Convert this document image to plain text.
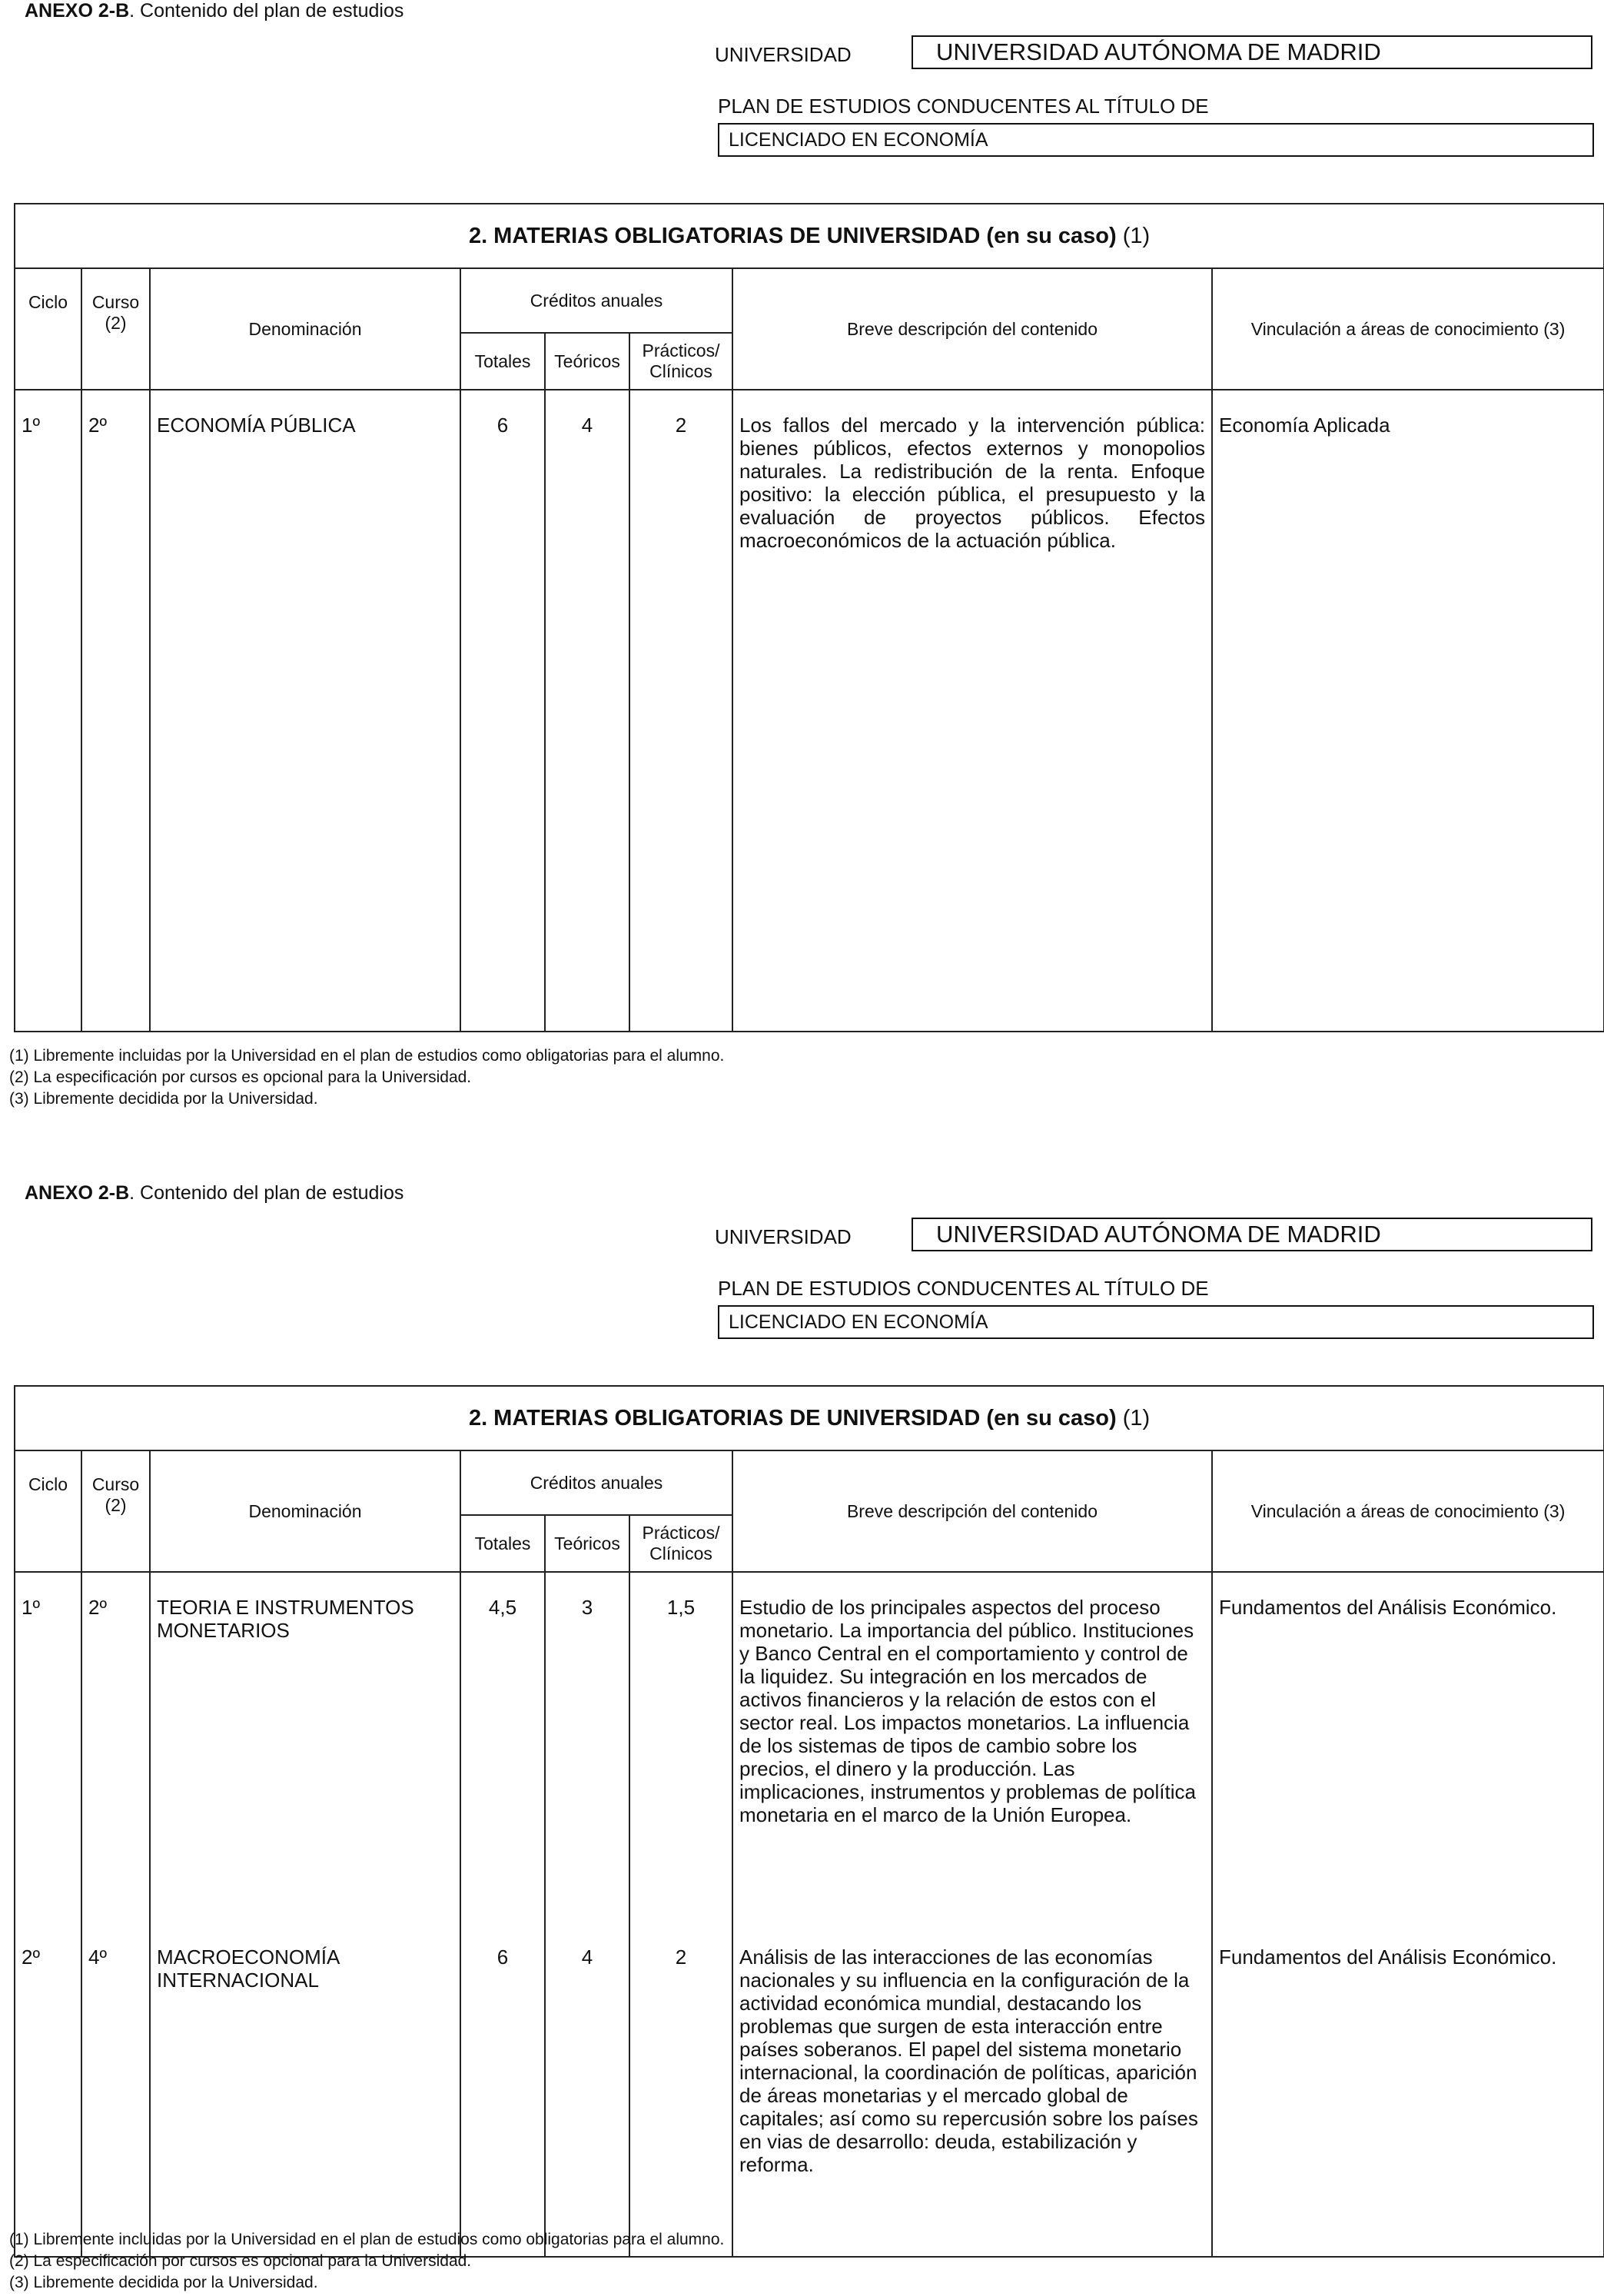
ANEXO 2-B. Contenido del plan de estudios
UNIVERSIDAD	UNIVERSIDAD AUTÓNOMA DE MADRID
PLAN DE ESTUDIOS CONDUCENTES AL TÍTULO DE
LICENCIADO EN ECONOMÍA
2. MATERIAS OBLIGATORIAS DE UNIVERSIDAD (en su caso) (1)							
Ciclo	Curso (2)	Denominación	Créditos anuales			Breve descripción del contenido	Vinculación a áreas de conocimiento (3)
			Totales	Teóricos	Prácticos/ Clínicos		
1º	2º	ECONOMÍA PÚBLICA	6	4	2	Los fallos del mercado y la intervención pública: bienes públicos, efectos externos y monopolios naturales. La redistribución de la renta. Enfoque positivo: la elección pública, el presupuesto y la evaluación de proyectos públicos. Efectos macroeconómicos de la actuación pública.	Economía Aplicada
(1) Libremente incluidas por la Universidad en el plan de estudios como obligatorias para el alumno.
(2) La especificación por cursos es opcional para la Universidad.
(3) Libremente decidida por la Universidad.
ANEXO 2-B. Contenido del plan de estudios
UNIVERSIDAD	UNIVERSIDAD AUTÓNOMA DE MADRID
PLAN DE ESTUDIOS CONDUCENTES AL TÍTULO DE
LICENCIADO EN ECONOMÍA
2. MATERIAS OBLIGATORIAS DE UNIVERSIDAD (en su caso) (1)							
Ciclo	Curso (2)	Denominación	Créditos anuales			Breve descripción del contenido	Vinculación a áreas de conocimiento (3)
			Totales	Teóricos	Prácticos/ Clínicos		
1º	2º	TEORIA E INSTRUMENTOS MONETARIOS	4,5	3	1,5	Estudio de los principales aspectos del proceso monetario. La importancia del público. Instituciones y Banco Central en el comportamiento y control de la liquidez. Su integración en los mercados de activos financieros y la relación de estos con el sector real. Los impactos monetarios. La influencia de los sistemas de tipos de cambio sobre los precios, el dinero y la producción. Las implicaciones, instrumentos y problemas de política monetaria en el marco de la Unión Europea.	Fundamentos del Análisis Económico.
2º	4º	MACROECONOMÍA INTERNACIONAL	6	4	2	Análisis de las interacciones de las economías nacionales y su influencia en la configuración de la actividad económica mundial, destacando los problemas que surgen de esta interacción entre países soberanos. El papel del sistema monetario internacional, la coordinación de políticas, aparición de áreas monetarias y el mercado global de capitales; así como su repercusión sobre los países en vias de desarrollo: deuda, estabilización y reforma.	Fundamentos del Análisis Económico.
(1) Libremente incluidas por la Universidad en el plan de estudios como obligatorias para el alumno.
(2) La especificación por cursos es opcional para la Universidad.
(3) Libremente decidida por la Universidad.
